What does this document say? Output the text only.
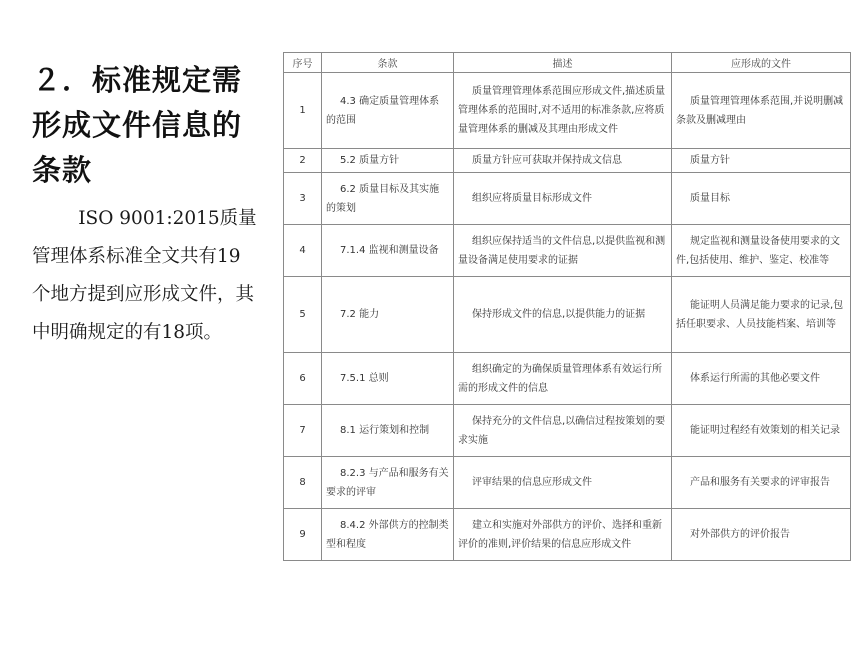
２．标准规定需形成文件信息的条款
ISO 9001:2015质量管理体系标准全文共有19个地方提到应形成文件，其中明确规定的有18项。
序号	条款	描述	应形成的文件
1	4.3 确定质量管理体系的范围	质量管理管理体系范围应形成文件,描述质量管理体系的范围时,对不适用的标准条款,应将质量管理体系的删减及其理由形成文件	质量管理管理体系范围,并说明删减条款及删减理由
2	5.2 质量方针	质量方针应可获取并保持成文信息	质量方针
3	6.2 质量目标及其实施的策划	组织应将质量目标形成文件	质量目标
4	7.1.4 监视和测量设备	组织应保持适当的文件信息,以提供监视和测量设备满足使用要求的证据	规定监视和测量设备使用要求的文件,包括使用、维护、鉴定、校准等
5	7.2 能力	保持形成文件的信息,以提供能力的证据	能证明人员满足能力要求的记录,包括任职要求、人员技能档案、培训等
6	7.5.1 总则	组织确定的为确保质量管理体系有效运行所需的形成文件的信息	体系运行所需的其他必要文件
7	8.1 运行策划和控制	保持充分的文件信息,以确信过程按策划的要求实施	能证明过程经有效策划的相关记录
8	8.2.3 与产品和服务有关要求的评审	评审结果的信息应形成文件	产品和服务有关要求的评审报告
9	8.4.2 外部供方的控制类型和程度	建立和实施对外部供方的评价、选择和重新评价的准则,评价结果的信息应形成文件	对外部供方的评价报告
